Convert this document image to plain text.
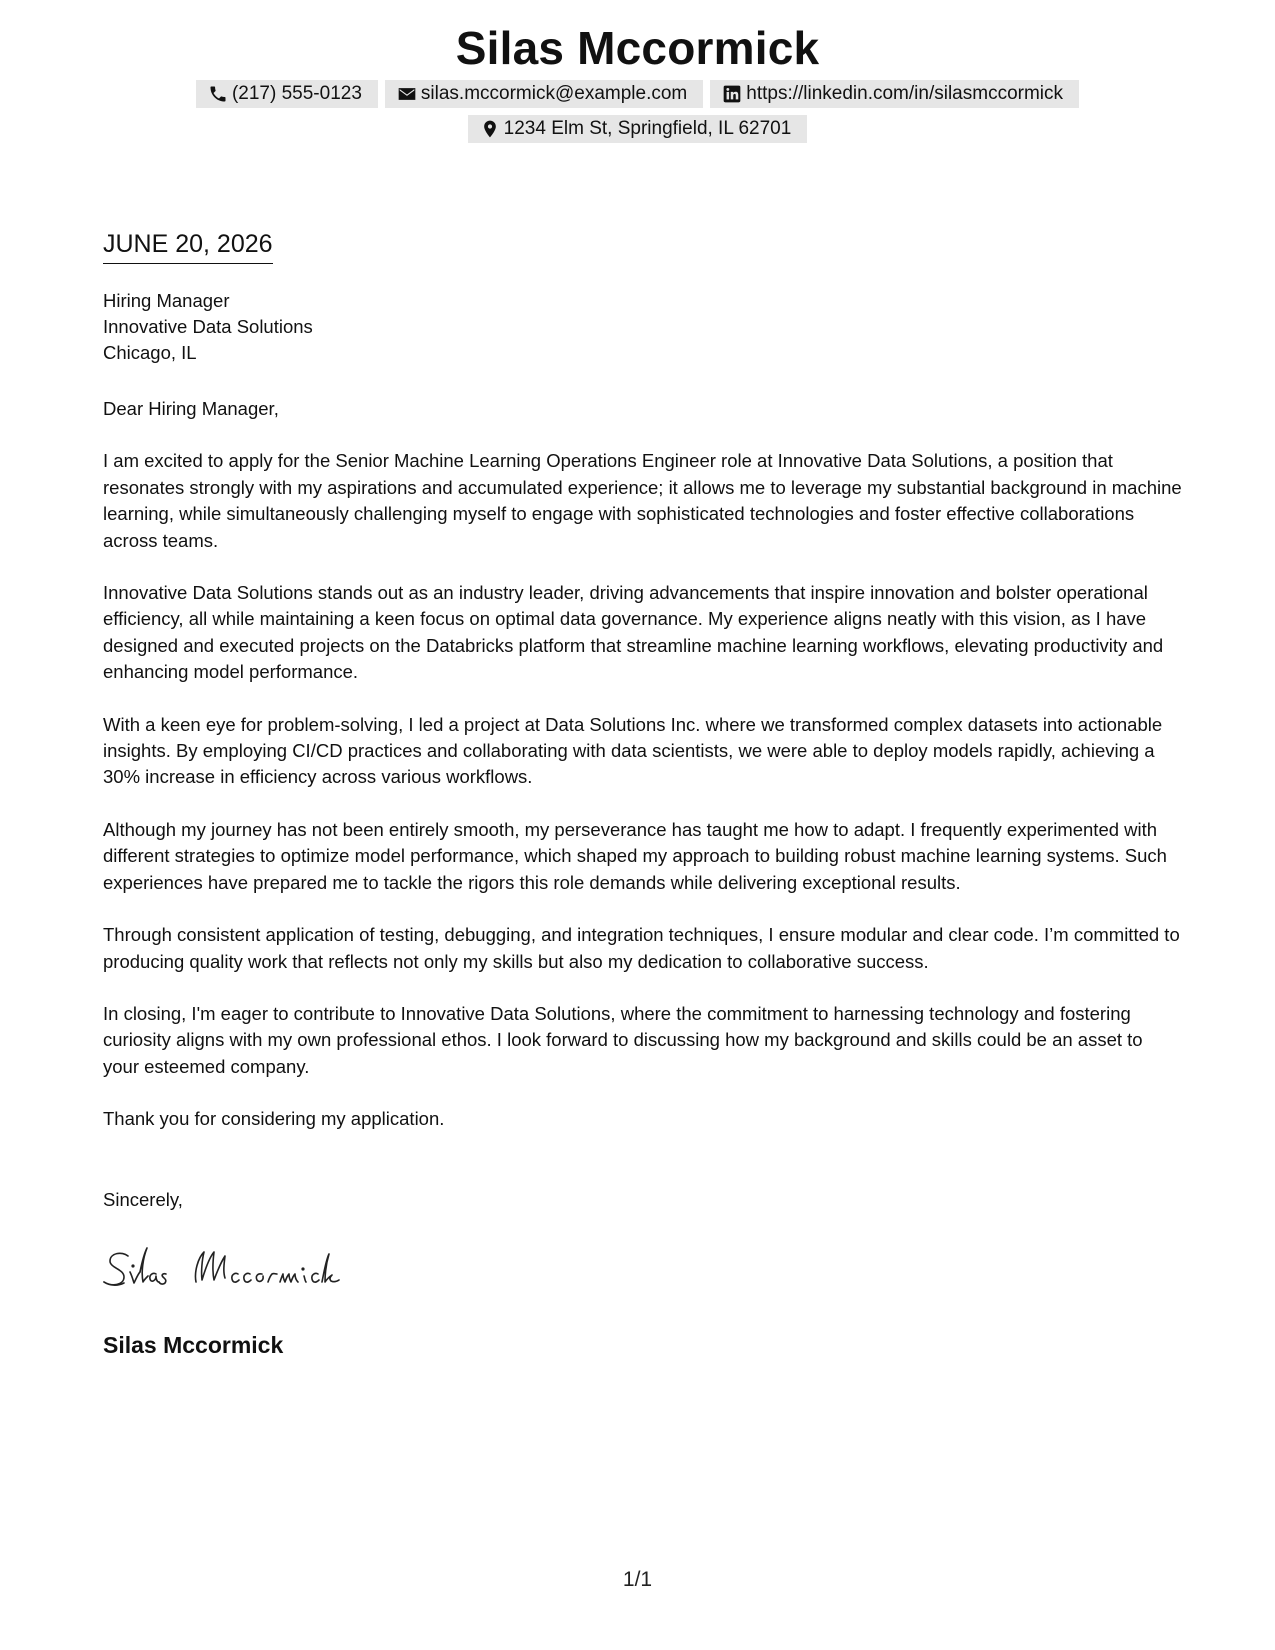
Silas Mccormick
(217) 555-0123	silas.mccormick@example.com	https://linkedin.com/in/silasmccormick
1234 Elm St, Springfield, IL 62701
JUNE 20, 2026
Hiring Manager
Innovative Data Solutions
Chicago, IL

Dear Hiring Manager,

I am excited to apply for the Senior Machine Learning Operations Engineer role at Innovative Data Solutions, a position that resonates strongly with my aspirations and accumulated experience; it allows me to leverage my substantial background in machine learning, while simultaneously challenging myself to engage with sophisticated technologies and foster effective collaborations across teams.

Innovative Data Solutions stands out as an industry leader, driving advancements that inspire innovation and bolster operational efficiency, all while maintaining a keen focus on optimal data governance. My experience aligns neatly with this vision, as I have designed and executed projects on the Databricks platform that streamline machine learning workflows, elevating productivity and enhancing model performance.

With a keen eye for problem-solving, I led a project at Data Solutions Inc. where we transformed complex datasets into actionable insights. By employing CI/CD practices and collaborating with data scientists, we were able to deploy models rapidly, achieving a 30% increase in efficiency across various workflows.

Although my journey has not been entirely smooth, my perseverance has taught me how to adapt. I frequently experimented with different strategies to optimize model performance, which shaped my approach to building robust machine learning systems. Such experiences have prepared me to tackle the rigors this role demands while delivering exceptional results.

Through consistent application of testing, debugging, and integration techniques, I ensure modular and clear code. I’m committed to producing quality work that reflects not only my skills but also my dedication to collaborative success.

In closing, I'm eager to contribute to Innovative Data Solutions, where the commitment to harnessing technology and fostering curiosity aligns with my own professional ethos. I look forward to discussing how my background and skills could be an asset to your esteemed company.

Thank you for considering my application.

Sincerely,
Silas Mccormick
1/1
